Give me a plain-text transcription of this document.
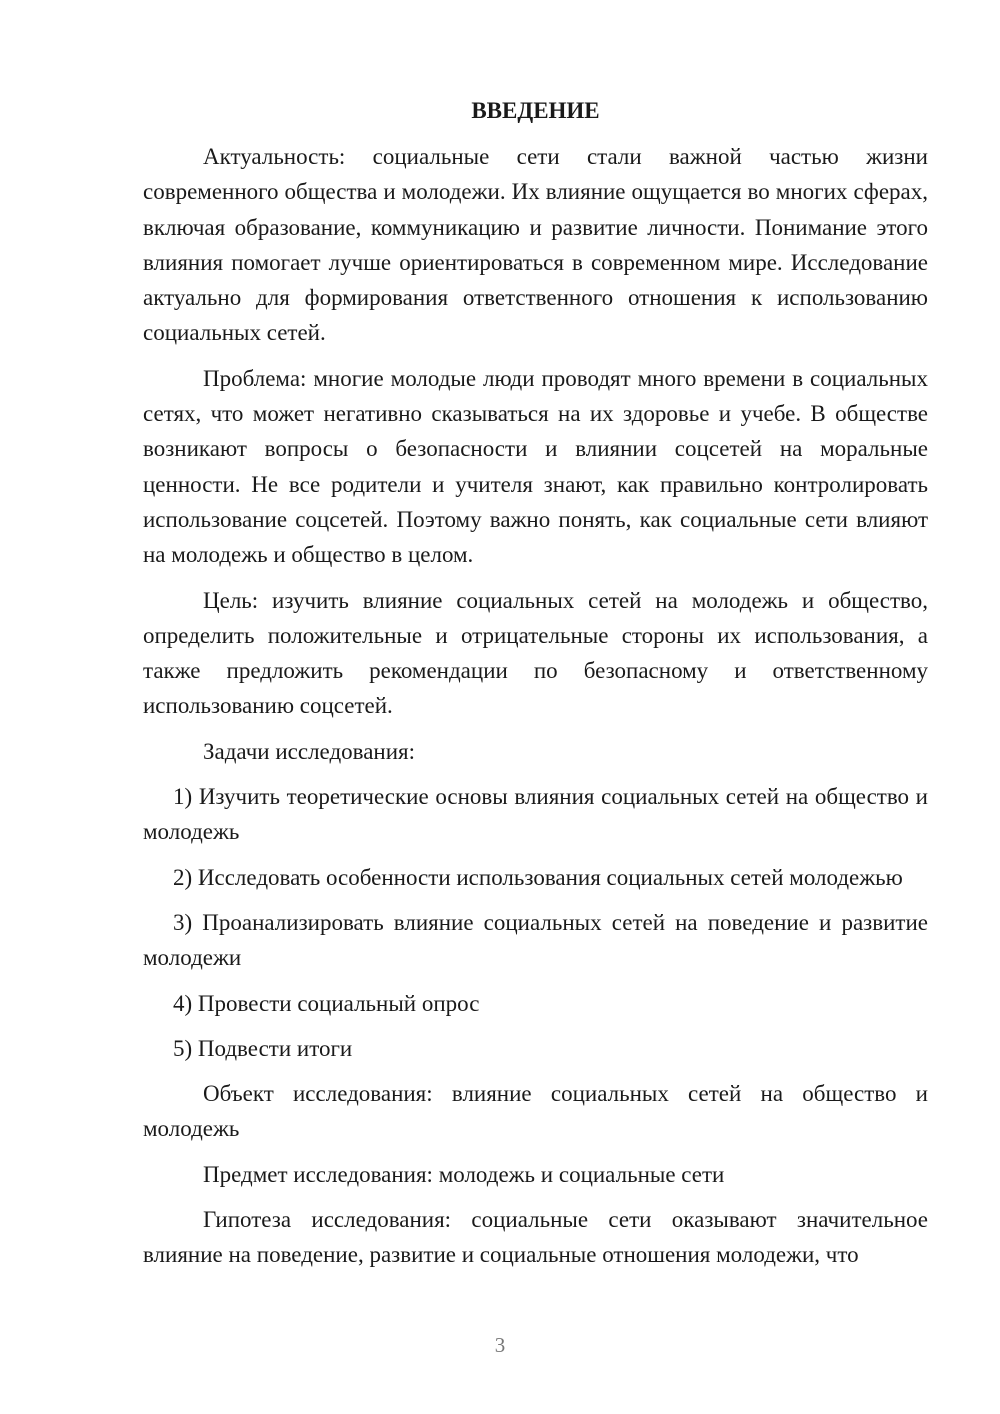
ВВЕДЕНИЕ

Актуальность: социальные сети стали важной частью жизни современного общества и молодежи. Их влияние ощущается во многих сферах, включая образование, коммуникацию и развитие личности. Понимание этого влияния помогает лучше ориентироваться в современном мире. Исследование актуально для формирования ответственного отношения к использованию социальных сетей.

Проблема: многие молодые люди проводят много времени в социальных сетях, что может негативно сказываться на их здоровье и учебе. В обществе возникают вопросы о безопасности и влиянии соцсетей на моральные ценности. Не все родители и учителя знают, как правильно контролировать использование соцсетей. Поэтому важно понять, как социальные сети влияют на молодежь и общество в целом.

Цель: изучить влияние социальных сетей на молодежь и общество, определить положительные и отрицательные стороны их использования, а также предложить рекомендации по безопасному и ответственному использованию соцсетей.

Задачи исследования:

1) Изучить теоретические основы влияния социальных сетей на общество и молодежь

2) Исследовать особенности использования социальных сетей молодежью

3) Проанализировать влияние социальных сетей на поведение и развитие молодежи

4) Провести социальный опрос

5) Подвести итоги

Объект исследования: влияние социальных сетей на общество и молодежь

Предмет исследования: молодежь и социальные сети

Гипотеза исследования: социальные сети оказывают значительное влияние на поведение, развитие и социальные отношения молодежи, что

3
